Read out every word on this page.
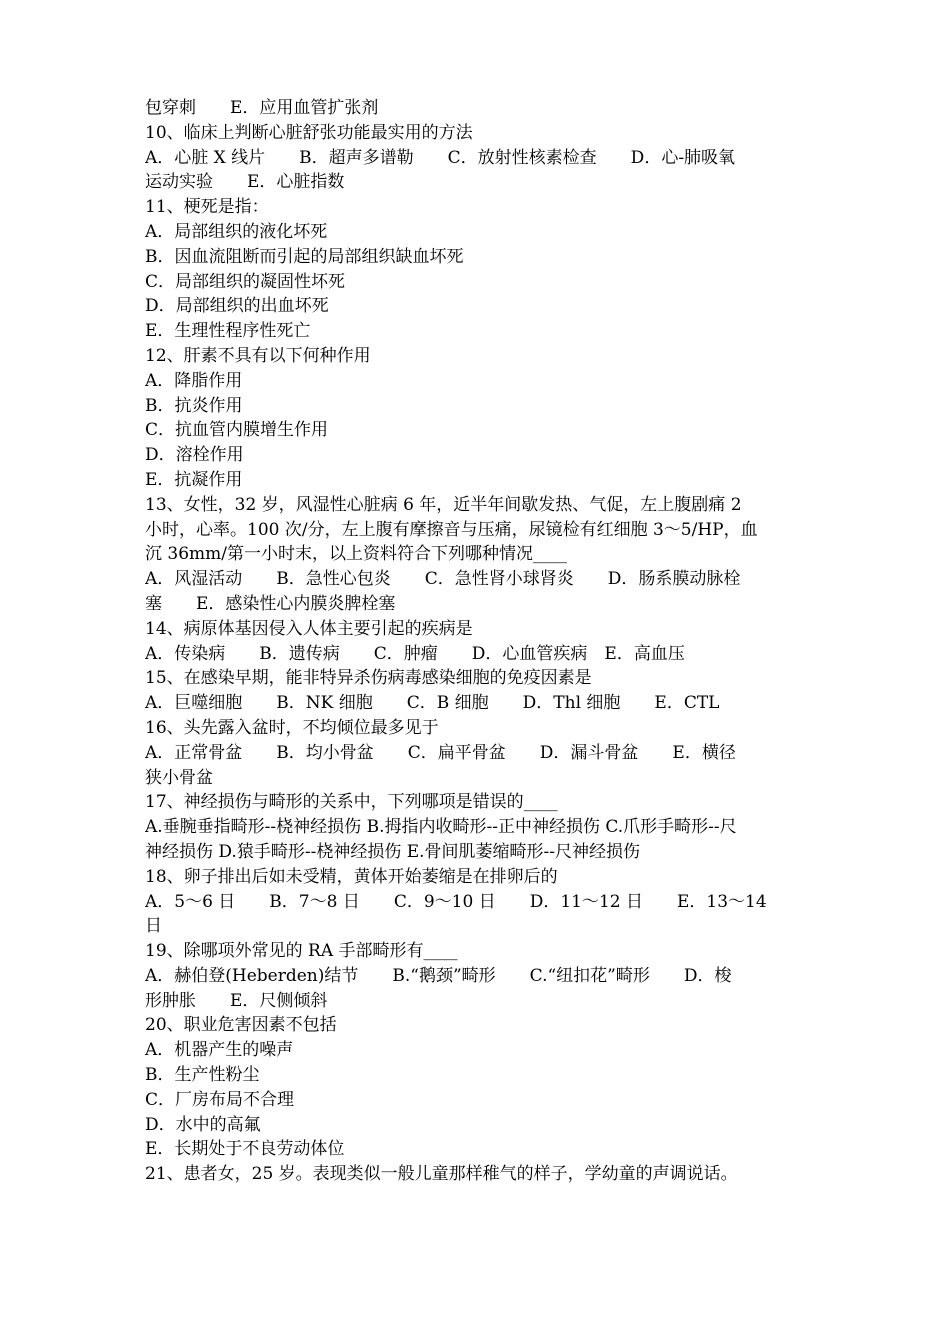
包穿刺　　E．应用血管扩张剂
10、临床上判断心脏舒张功能最实用的方法
A．心脏 X 线片　　B．超声多谱勒　　C．放射性核素检查　　D．心-肺吸氧
运动实验　　E．心脏指数
11、梗死是指：
A．局部组织的液化坏死
B．因血流阻断而引起的局部组织缺血坏死
C．局部组织的凝固性坏死
D．局部组织的出血坏死
E．生理性程序性死亡
12、肝素不具有以下何种作用
A．降脂作用
B．抗炎作用
C．抗血管内膜增生作用
D．溶栓作用
E．抗凝作用
13、女性，32 岁，风湿性心脏病 6 年，近半年间歇发热、气促，左上腹剧痛 2
小时，心率。100 次/分，左上腹有摩擦音与压痛，尿镜检有红细胞 3～5/HP，血
沉 36mm/第一小时末，以上资料符合下列哪种情况____
A．风湿活动　　B．急性心包炎　　C．急性肾小球肾炎　　D．肠系膜动脉栓
塞　　E．感染性心内膜炎脾栓塞
14、病原体基因侵入人体主要引起的疾病是
A．传染病　　B．遗传病　　C．肿瘤　　D．心血管疾病　E．高血压
15、在感染早期，能非特异杀伤病毒感染细胞的免疫因素是
A．巨噬细胞　　B．NK 细胞　　C．B 细胞　　D．Thl 细胞　　E．CTL
16、头先露入盆时，不均倾位最多见于
A．正常骨盆　　B．均小骨盆　　C．扁平骨盆　　D．漏斗骨盆　　E．横径
狭小骨盆
17、神经损伤与畸形的关系中，下列哪项是错误的____
A.垂腕垂指畸形--桡神经损伤 B.拇指内收畸形--正中神经损伤 C.爪形手畸形--尺
神经损伤 D.猿手畸形--桡神经损伤 E.骨间肌萎缩畸形--尺神经损伤
18、卵子排出后如未受精，黄体开始萎缩是在排卵后的
A．5～6 日　　B．7～8 日　　C．9～10 日　　D．11～12 日　　E．13～14
日
19、除哪项外常见的 RA 手部畸形有____
A．赫伯登(Heberden)结节　　B.“鹅颈”畸形　　C.“纽扣花”畸形　　D．梭
形肿胀　　E．尺侧倾斜
20、职业危害因素不包括
A．机器产生的噪声
B．生产性粉尘
C．厂房布局不合理
D．水中的高氟
E．长期处于不良劳动体位
21、患者女，25 岁。表现类似一般儿童那样稚气的样子，学幼童的声调说话。
